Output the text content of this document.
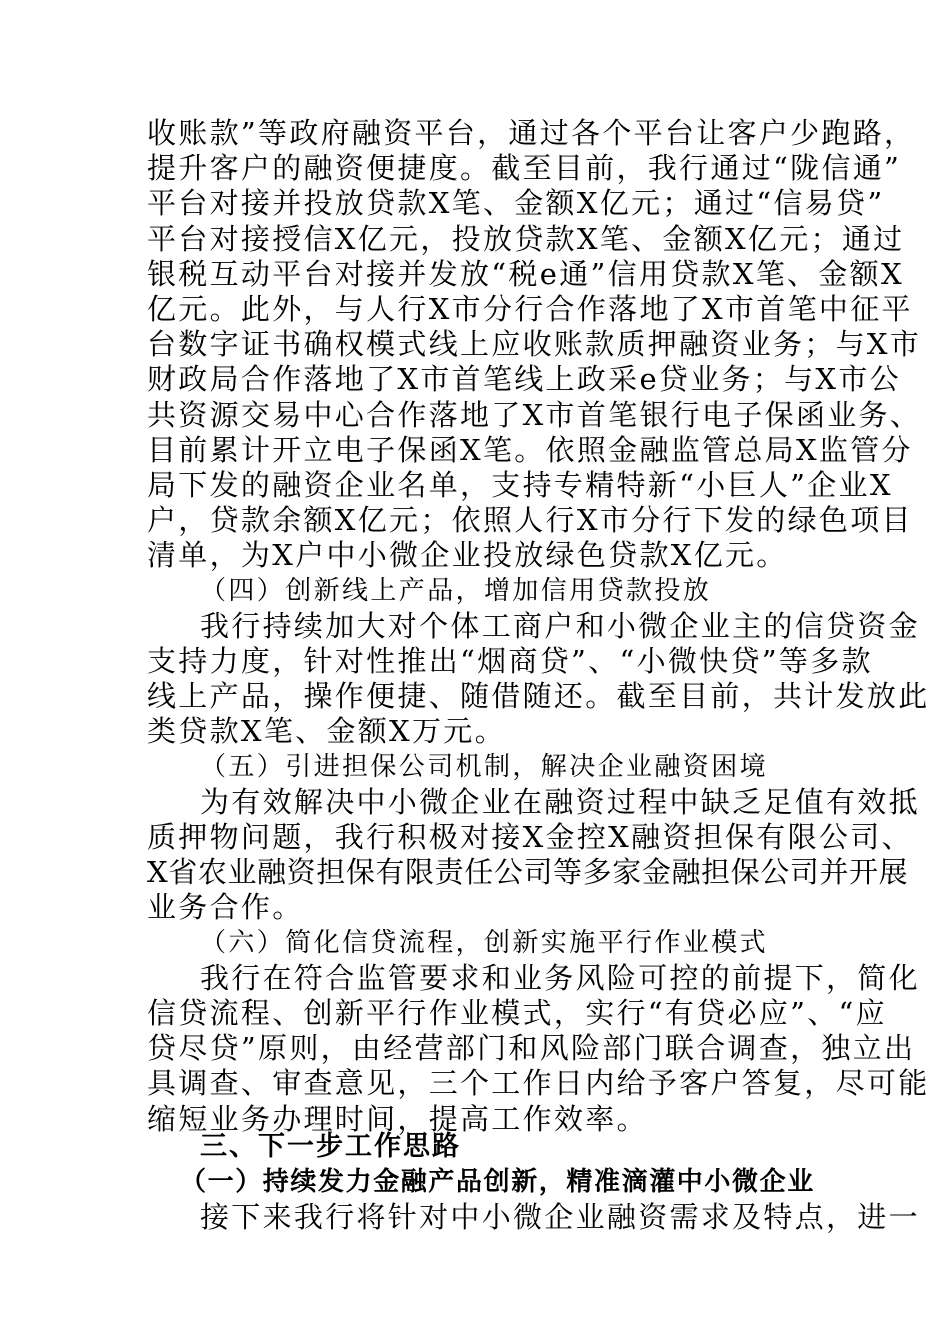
收账款”等政府融资平台，通过各个平台让客户少跑路，
提升客户的融资便捷度。截至目前，我行通过“陇信通”
平台对接并投放贷款X笔、金额X亿元；通过“信易贷”
平台对接授信X亿元，投放贷款X笔、金额X亿元；通过
银税互动平台对接并发放“税e通”信用贷款X笔、金额X
亿元。此外，与人行X市分行合作落地了X市首笔中征平
台数字证书确权模式线上应收账款质押融资业务；与X市
财政局合作落地了X市首笔线上政采e贷业务；与X市公
共资源交易中心合作落地了X市首笔银行电子保函业务、
目前累计开立电子保函X笔。依照金融监管总局X监管分
局下发的融资企业名单，支持专精特新“小巨人”企业X
户，贷款余额X亿元；依照人行X市分行下发的绿色项目
清单，为X户中小微企业投放绿色贷款X亿元。
（四）创新线上产品，增加信用贷款投放
我行持续加大对个体工商户和小微企业主的信贷资金
支持力度，针对性推出“烟商贷”、“小微快贷”等多款
线上产品，操作便捷、随借随还。截至目前，共计发放此
类贷款X笔、金额X万元。
（五）引进担保公司机制，解决企业融资困境
为有效解决中小微企业在融资过程中缺乏足值有效抵
质押物问题，我行积极对接X金控X融资担保有限公司、
X省农业融资担保有限责任公司等多家金融担保公司并开展
业务合作。
（六）简化信贷流程，创新实施平行作业模式
我行在符合监管要求和业务风险可控的前提下，简化
信贷流程、创新平行作业模式，实行“有贷必应”、“应
贷尽贷”原则，由经营部门和风险部门联合调查，独立出
具调查、审查意见，三个工作日内给予客户答复，尽可能
缩短业务办理时间，提高工作效率。
三、下一步工作思路
（一）持续发力金融产品创新，精准滴灌中小微企业
接下来我行将针对中小微企业融资需求及特点，进一
